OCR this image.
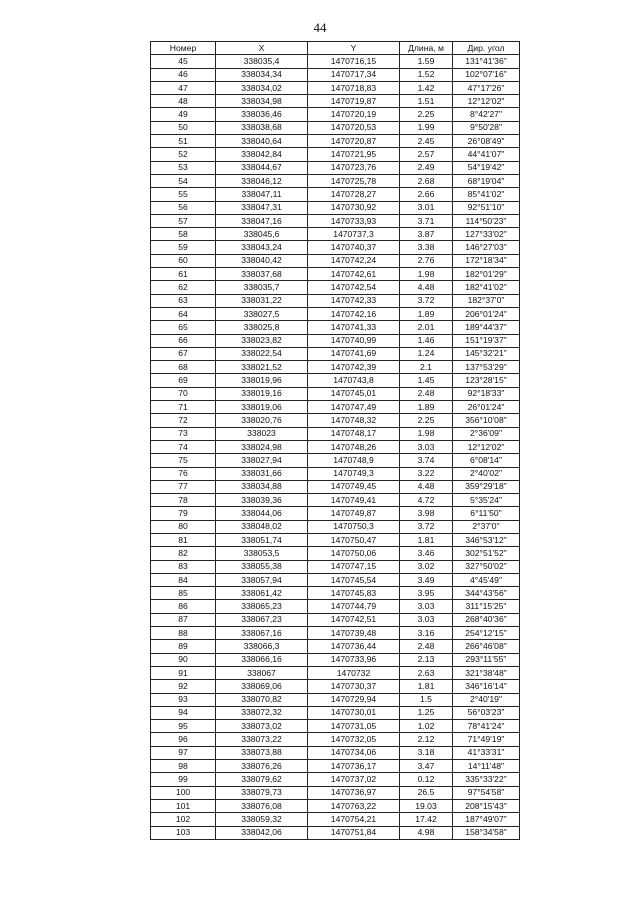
44
Номер	X	Y	Длина, м	Дир. угол
45	338035,4	1470716,15	1.59	131°41'36"
46	338034,34	1470717,34	1.52	102°07'16"
47	338034,02	1470718,83	1.42	47°17'26"
48	338034,98	1470719,87	1.51	12°12'02"
49	338036,46	1470720,19	2.25	8°42'27"
50	338038,68	1470720,53	1.99	9°50'28"
51	338040,64	1470720,87	2.45	26°08'49"
52	338042,84	1470721,95	2.57	44°41'07"
53	338044,67	1470723,76	2.49	54°19'42"
54	338046,12	1470725,78	2.68	68°19'04"
55	338047,11	1470728,27	2.66	85°41'02"
56	338047,31	1470730,92	3.01	92°51'10"
57	338047,16	1470733,93	3.71	114°50'23"
58	338045,6	1470737,3	3.87	127°33'02"
59	338043,24	1470740,37	3.38	146°27'03"
60	338040,42	1470742,24	2.76	172°18'34"
61	338037,68	1470742,61	1.98	182°01'29"
62	338035,7	1470742,54	4.48	182°41'02"
63	338031,22	1470742,33	3.72	182°37'0"
64	338027,5	1470742,16	1.89	206°01'24"
65	338025,8	1470741,33	2.01	189°44'37"
66	338023,82	1470740,99	1.46	151°19'37"
67	338022,54	1470741,69	1.24	145°32'21"
68	338021,52	1470742,39	2.1	137°53'29"
69	338019,96	1470743,8	1.45	123°28'15"
70	338019,16	1470745,01	2.48	92°18'33"
71	338019,06	1470747,49	1.89	26°01'24"
72	338020,76	1470748,32	2.25	356°10'08"
73	338023	1470748,17	1.98	2°36'09"
74	338024,98	1470748,26	3.03	12°12'02"
75	338027,94	1470748,9	3.74	6°08'14"
76	338031,66	1470749,3	3.22	2°40'02"
77	338034,88	1470749,45	4.48	359°29'18"
78	338039,36	1470749,41	4.72	5°35'24"
79	338044,06	1470749,87	3.98	6°11'50"
80	338048,02	1470750,3	3.72	2°37'0"
81	338051,74	1470750,47	1.81	346°53'12"
82	338053,5	1470750,06	3.46	302°51'52"
83	338055,38	1470747,15	3.02	327°50'02"
84	338057,94	1470745,54	3.49	4°45'49"
85	338061,42	1470745,83	3.95	344°43'56"
86	338065,23	1470744,79	3.03	311°15'25"
87	338067,23	1470742,51	3.03	268°40'36"
88	338067,16	1470739,48	3.16	254°12'15"
89	338066,3	1470736,44	2.48	266°46'08"
90	338066,16	1470733,96	2.13	293°11'55"
91	338067	1470732	2.63	321°38'48"
92	338069,06	1470730,37	1.81	346°16'14"
93	338070,82	1470729,94	1.5	2°40'19"
94	338072,32	1470730,01	1.25	56°03'23"
95	338073,02	1470731,05	1.02	78°41'24"
96	338073,22	1470732,05	2.12	71°49'19"
97	338073,88	1470734,06	3.18	41°33'31"
98	338076,26	1470736,17	3.47	14°11'48"
99	338079,62	1470737,02	0.12	335°33'22"
100	338079,73	1470736,97	26.5	97°54'58"
101	338076,08	1470763,22	19.03	208°15'43"
102	338059,32	1470754,21	17.42	187°49'07"
103	338042,06	1470751,84	4.98	158°34'58"
